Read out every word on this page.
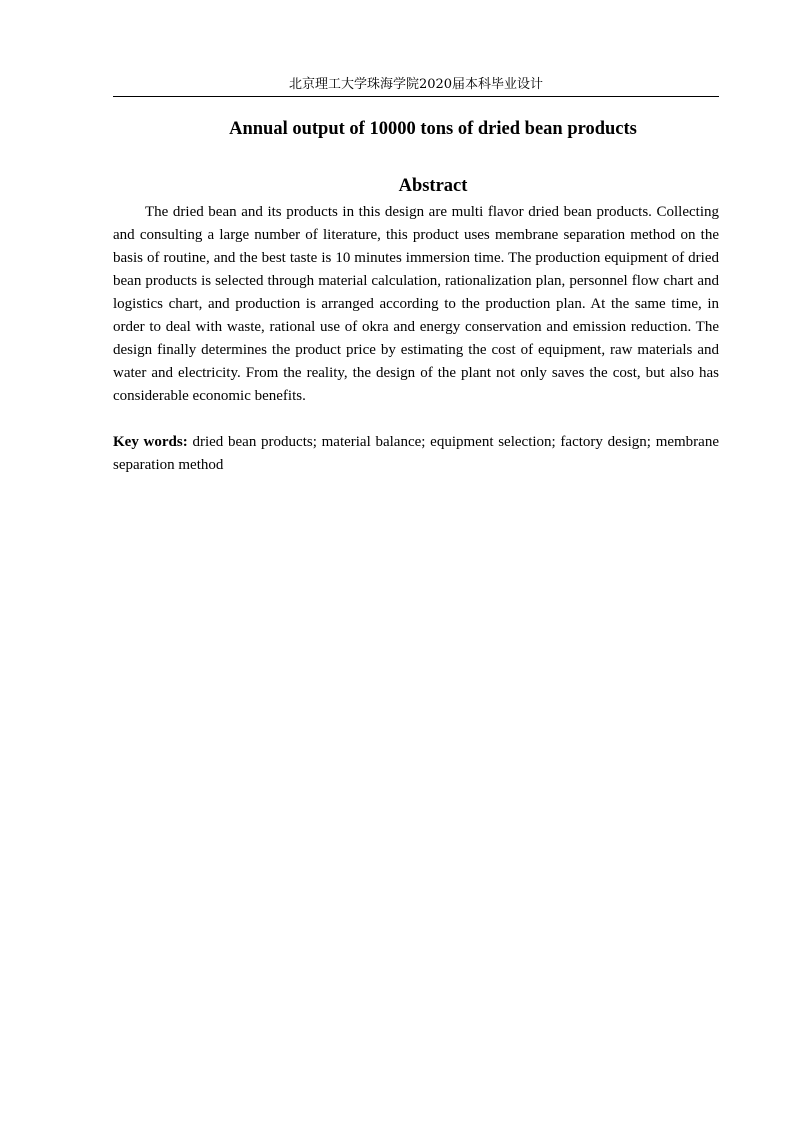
北京理工大学珠海学院2020届本科毕业设计
Annual output of 10000 tons of dried bean products
Abstract

The dried bean and its products in this design are multi flavor dried bean products. Collecting and consulting a large number of literature, this product uses membrane separation method on the basis of routine, and the best taste is 10 minutes immersion time. The production equipment of dried bean products is selected through material calculation, rationalization plan, personnel flow chart and logistics chart, and production is arranged according to the production plan. At the same time, in order to deal with waste, rational use of okra and energy conservation and emission reduction. The design finally determines the product price by estimating the cost of equipment, raw materials and water and electricity. From the reality, the design of the plant not only saves the cost, but also has considerable economic benefits.

Key words: dried bean products; material balance; equipment selection; factory design; membrane separation method
